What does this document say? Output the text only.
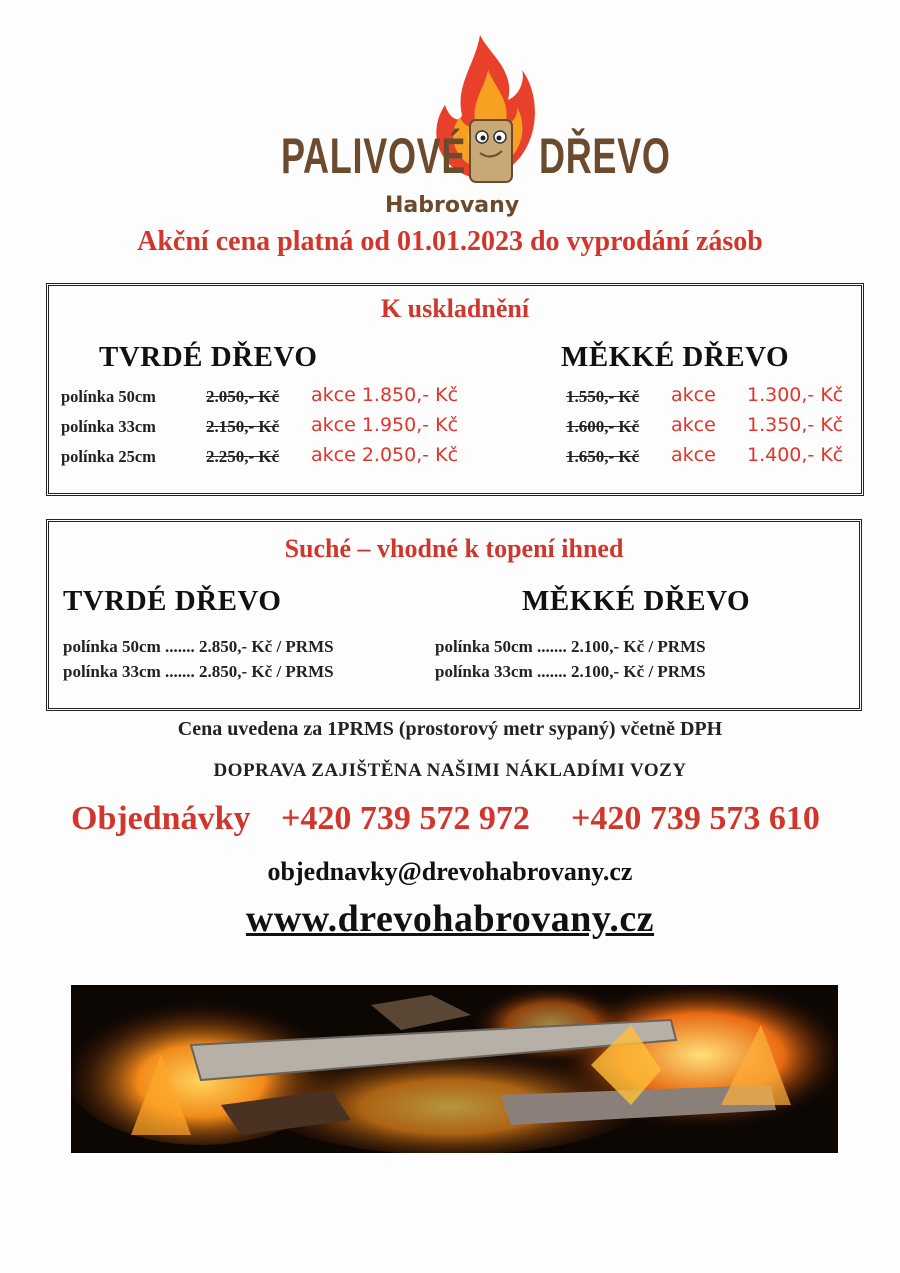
PALIVOVÉ DŘEVO
Habrovany
Akční cena platná od 01.01.2023 do vyprodání zásob
K uskladnění
TVRDÉ DŘEVO	MĚKKÉ DŘEVO
polínka 50cm	2.050,- Kč akce 1.850,- Kč	1.550,- Kč akce 1.300,- Kč
polínka 33cm	2.150,- Kč akce 1.950,- Kč	1.600,- Kč akce 1.350,- Kč
polínka 25cm	2.250,- Kč akce 2.050,- Kč	1.650,- Kč akce 1.400,- Kč
Suché – vhodné k topení ihned
TVRDÉ DŘEVO	MĚKKÉ DŘEVO
polínka 50cm ....... 2.850,- Kč / PRMS
polínka 33cm ....... 2.850,- Kč / PRMS
polínka 50cm ....... 2.100,- Kč / PRMS
polínka 33cm ....... 2.100,- Kč / PRMS
Cena uvedena za 1PRMS (prostorový metr sypaný) včetně DPH
DOPRAVA ZAJIŠTĚNA NAŠIMI NÁKLADÍMI VOZY
Objednávky +420 739 572 972 +420 739 573 610
objednavky@drevohabrovany.cz
www.drevohabrovany.cz
